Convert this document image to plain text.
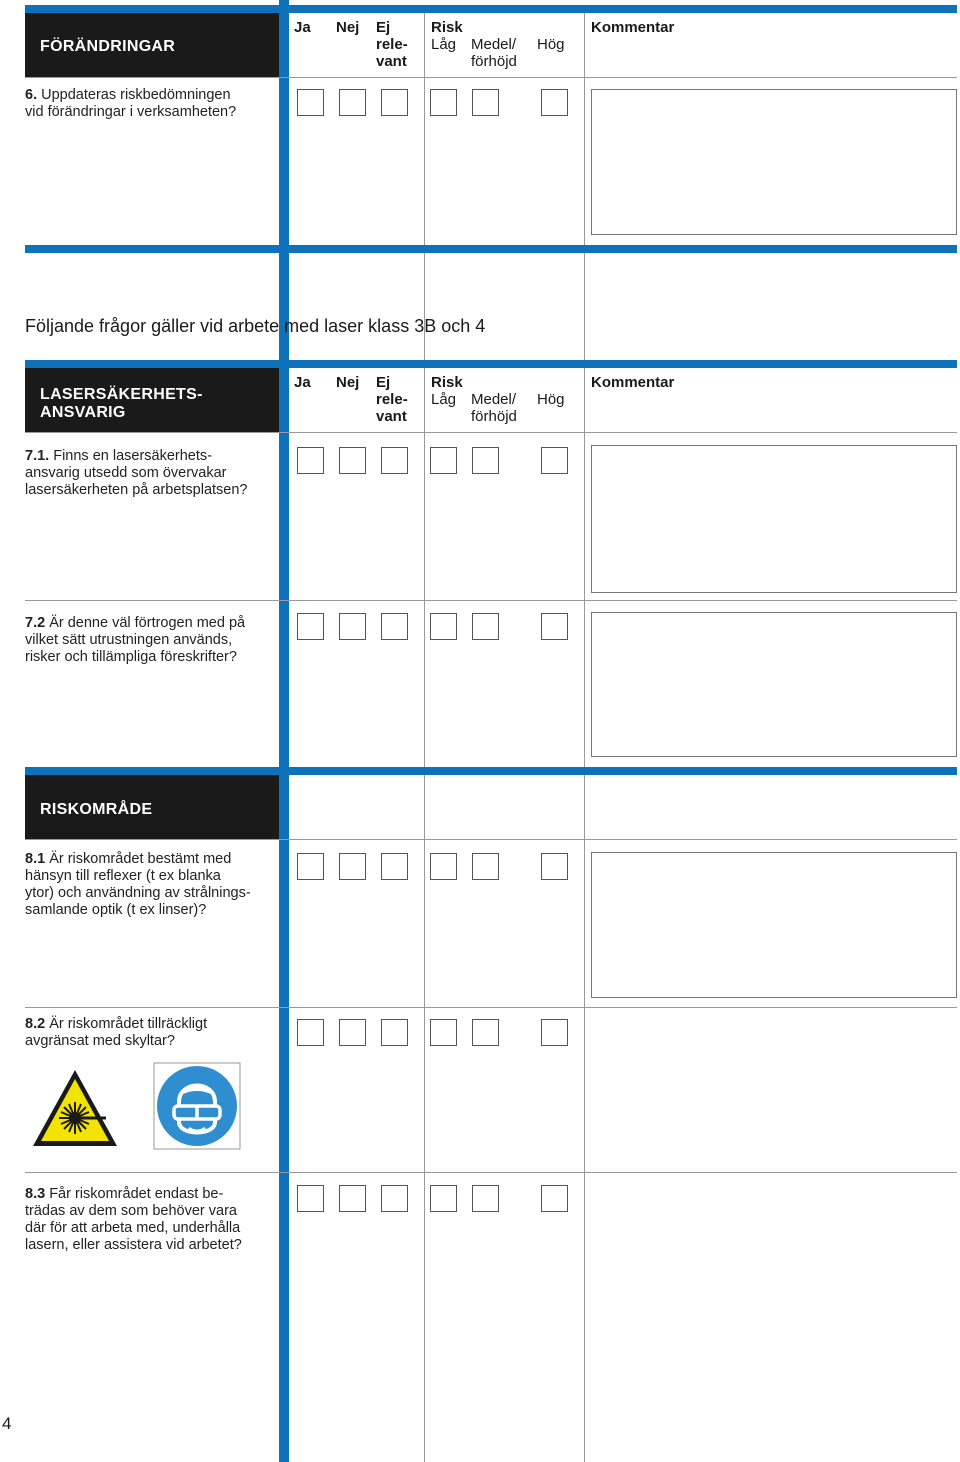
FÖRÄNDRINGAR
Ja Nej Ej
rele-
vant
Risk
Låg Medel/
förhöjd
Hög
Kommentar
6. Uppdateras riskbedömningen
vid förändringar i verksamheten?
Följande frågor gäller vid arbete med laser klass 3B och 4
LASERSÄKERHETS-
ANSVARIG
Ja Nej Ej
rele-
vant
Risk
Låg Medel/
förhöjd
Hög
Kommentar
7.1. Finns en lasersäkerhets-
ansvarig utsedd som övervakar
lasersäkerheten på arbetsplatsen?
7.2 Är denne väl förtrogen med på
vilket sätt utrustningen används,
risker och tillämpliga föreskrifter?
RISKOMRÅDE
8.1 Är riskområdet bestämt med
hänsyn till reflexer (t ex blanka
ytor) och användning av strålnings-
samlande optik (t ex linser)?
8.2 Är riskområdet tillräckligt
avgränsat med skyltar?
8.3 Får riskområdet endast be-
trädas av dem som behöver vara
där för att arbeta med, underhålla
lasern, eller assistera vid arbetet?
4
